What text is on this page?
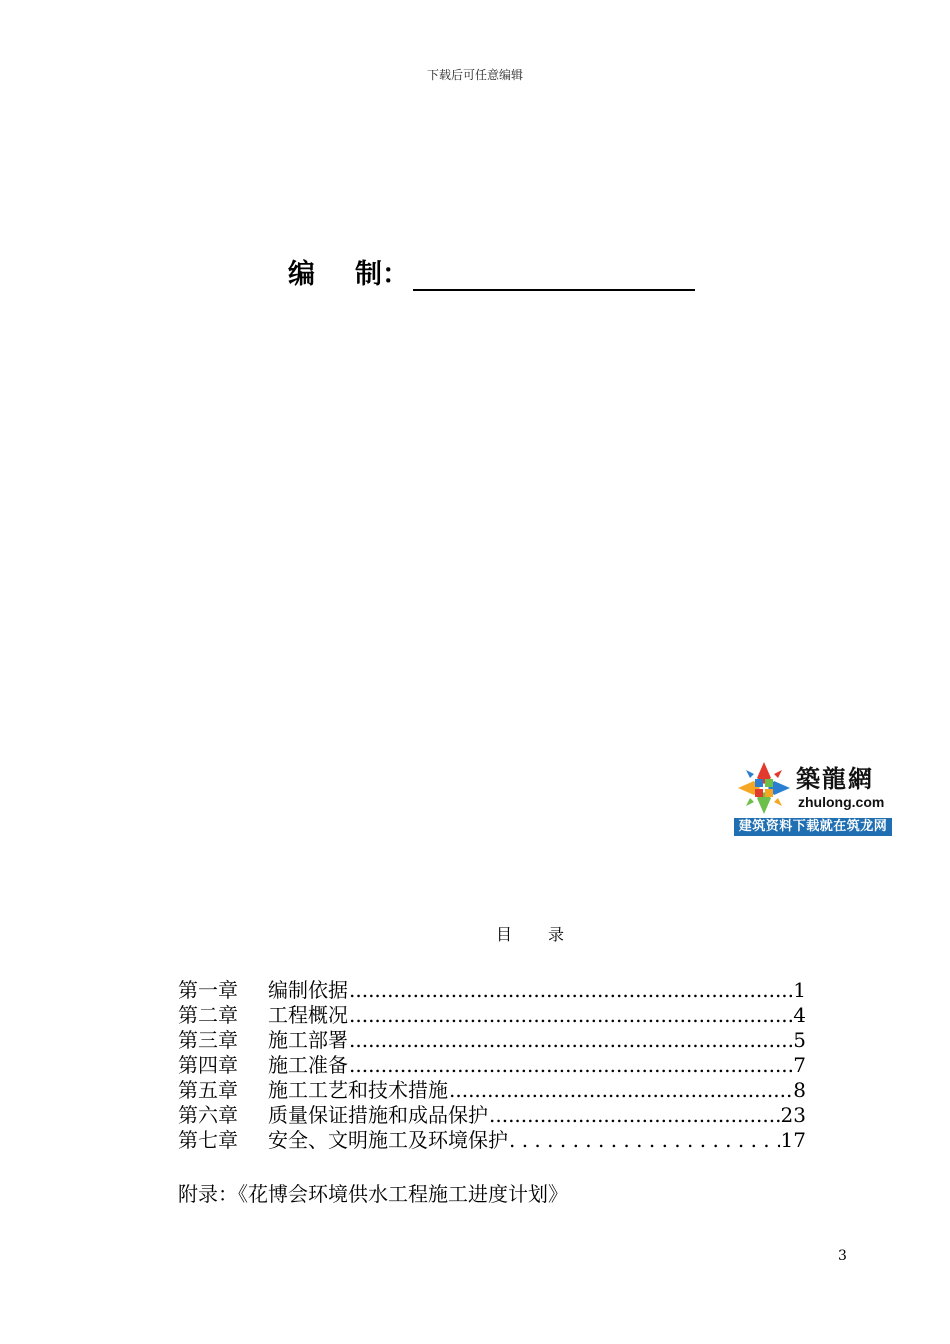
下载后可任意编辑
编 制：
築龍網
zhulong.com
建筑资料下载就在筑龙网
目 录
第一章	编制依据 .....	1
第二章	工程概况 .....	4
第三章	施工部署 .....	5
第四章	施工准备 .....	7
第五章	施工工艺和技术措施 .....	8
第六章	质量保证措施和成品保护 .....	23
第七章	安全、文明施工及环境保护 . . .	17
附录：《花博会环境供水工程施工进度计划》
3
